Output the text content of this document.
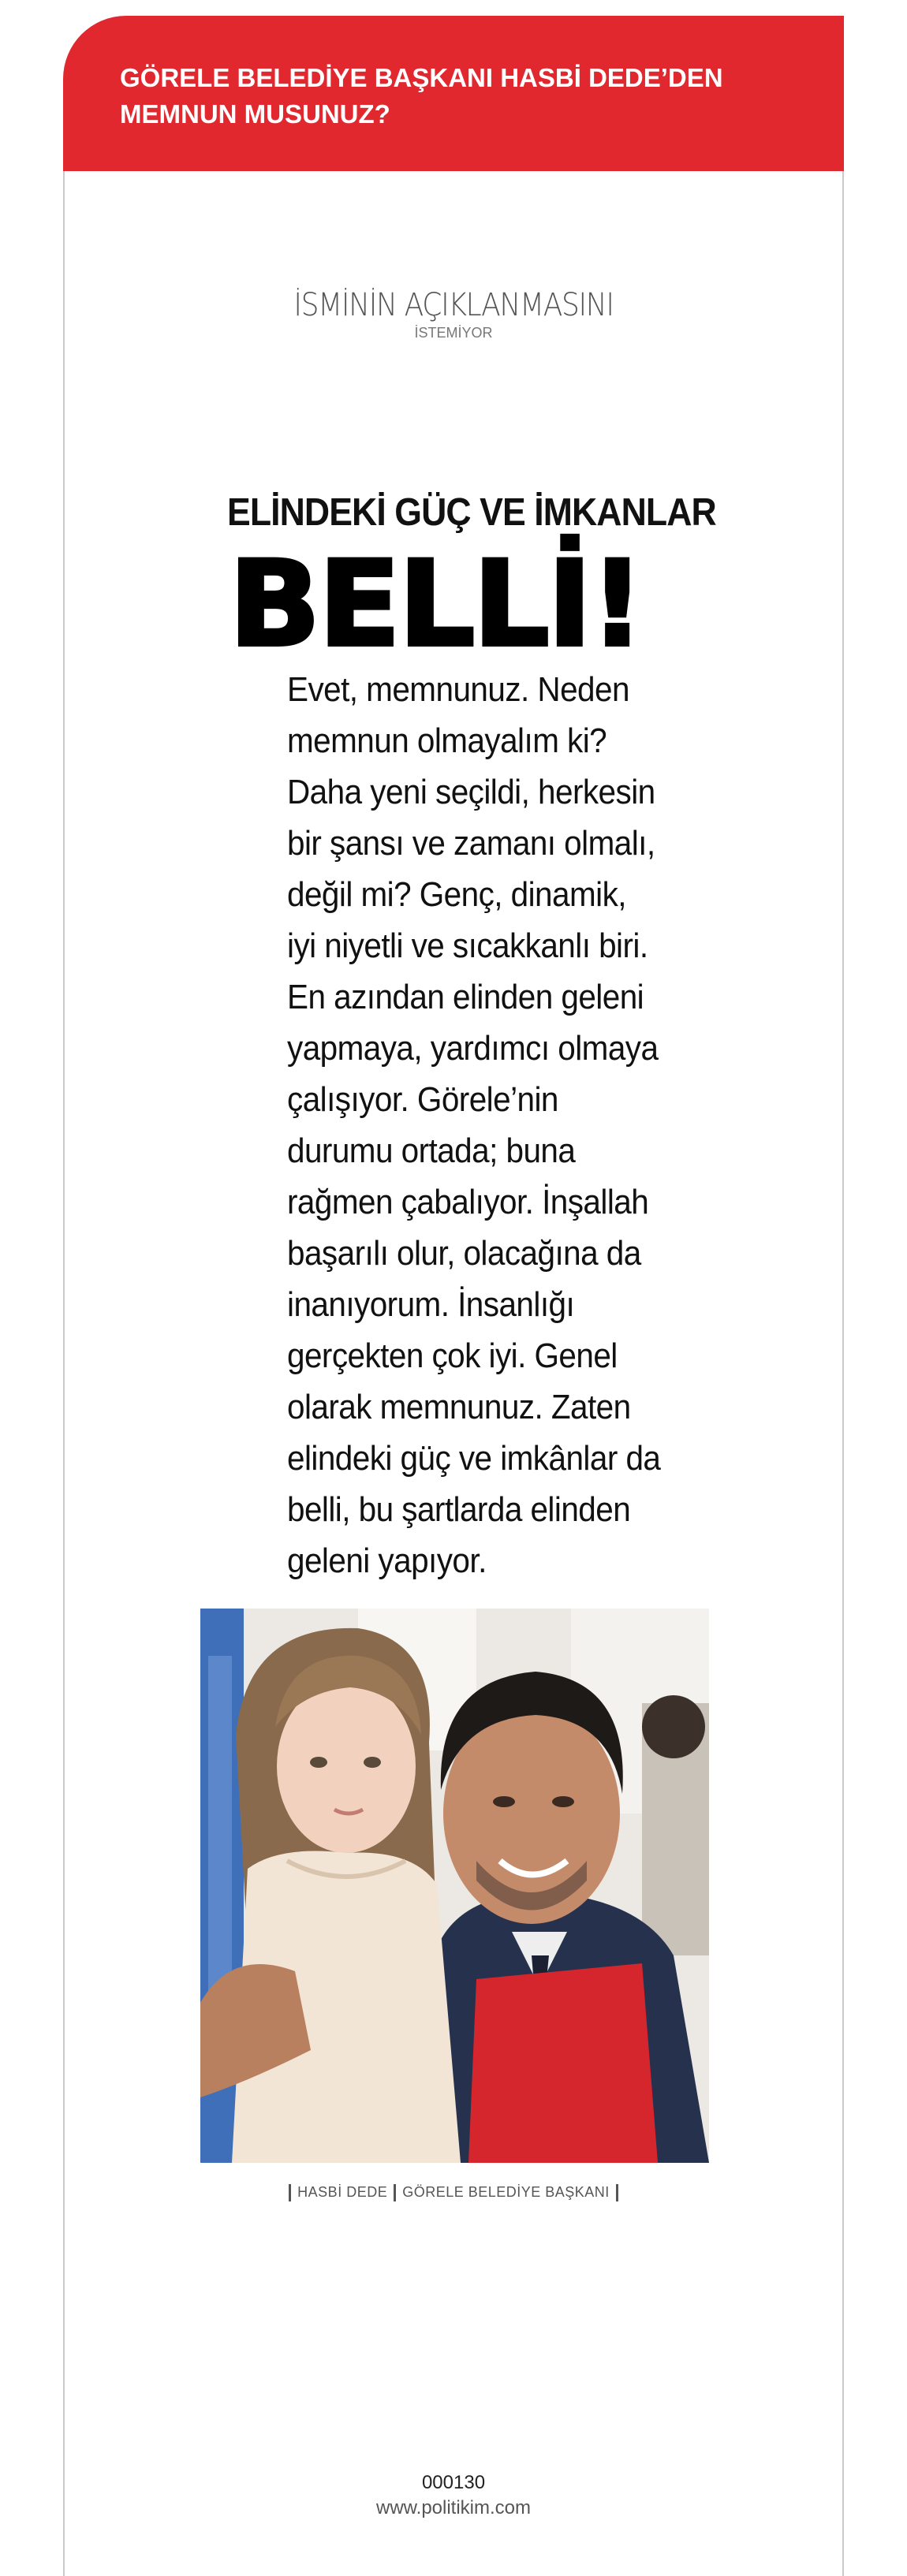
GÖRELE BELEDİYE BAŞKANI HASBİ DEDE’DEN MEMNUN MUSUNUZ?
İSMİNİN AÇIKLANMASINI
İSTEMİYOR
ELİNDEKİ GÜÇ VE İMKANLAR
BELLİ!

Evet, memnunuz. Neden
memnun olmayalım ki?
Daha yeni seçildi, herkesin
bir şansı ve zamanı olmalı,
değil mi? Genç, dinamik,
iyi niyetli ve sıcakkanlı biri.
En azından elinden geleni
yapmaya, yardımcı olmaya
çalışıyor. Görele’nin
durumu ortada; buna
rağmen çabalıyor. İnşallah
başarılı olur, olacağına da
inanıyorum. İnsanlığı
gerçekten çok iyi. Genel
olarak memnunuz. Zaten
elindeki güç ve imkânlar da
belli, bu şartlarda elinden
geleni yapıyor.

HASBİ DEDE GÖRELE BELEDİYE BAŞKANI
000130
www.politikim.com
